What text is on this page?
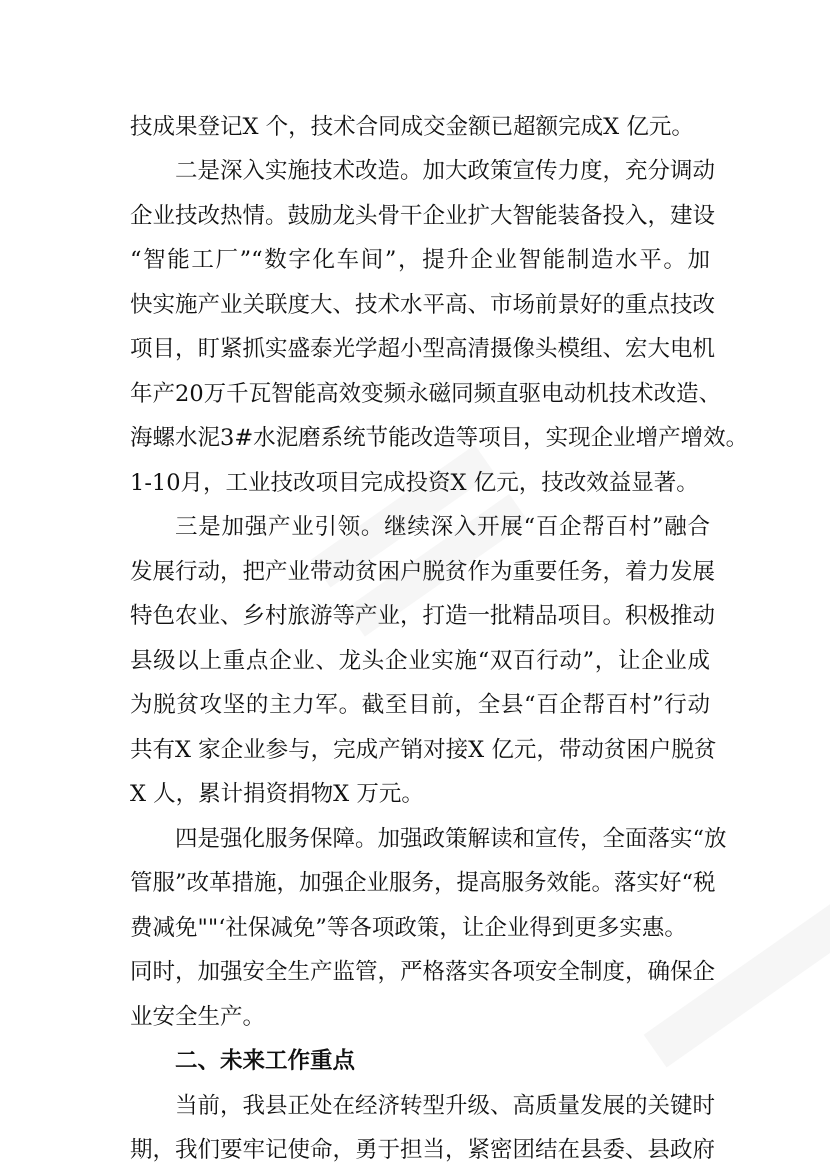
技成果登记X 个，技术合同成交金额已超额完成X 亿元。
二是深入实施技术改造。加大政策宣传力度，充分调动
企业技改热情。鼓励龙头骨干企业扩大智能装备投入，建设
“智能工厂”“数字化车间”，提升企业智能制造水平。加
快实施产业关联度大、技术水平高、市场前景好的重点技改
项目，盯紧抓实盛泰光学超小型高清摄像头模组、宏大电机
年产20万千瓦智能高效变频永磁同频直驱电动机技术改造、
海螺水泥3#水泥磨系统节能改造等项目，实现企业增产增效。
1-10月，工业技改项目完成投资X 亿元，技改效益显著。
三是加强产业引领。继续深入开展“百企帮百村”融合
发展行动，把产业带动贫困户脱贫作为重要任务，着力发展
特色农业、乡村旅游等产业，打造一批精品项目。积极推动
县级以上重点企业、龙头企业实施“双百行动”，让企业成
为脱贫攻坚的主力军。截至目前，全县“百企帮百村”行动
共有X 家企业参与，完成产销对接X 亿元，带动贫困户脱贫
X 人，累计捐资捐物X 万元。
四是强化服务保障。加强政策解读和宣传，全面落实“放
管服”改革措施，加强企业服务，提高服务效能。落实好“税
费减免""‘社保减免”等各项政策，让企业得到更多实惠。
同时，加强安全生产监管，严格落实各项安全制度，确保企
业安全生产。
二、未来工作重点
当前，我县正处在经济转型升级、高质量发展的关键时
期，我们要牢记使命，勇于担当，紧密团结在县委、县政府
